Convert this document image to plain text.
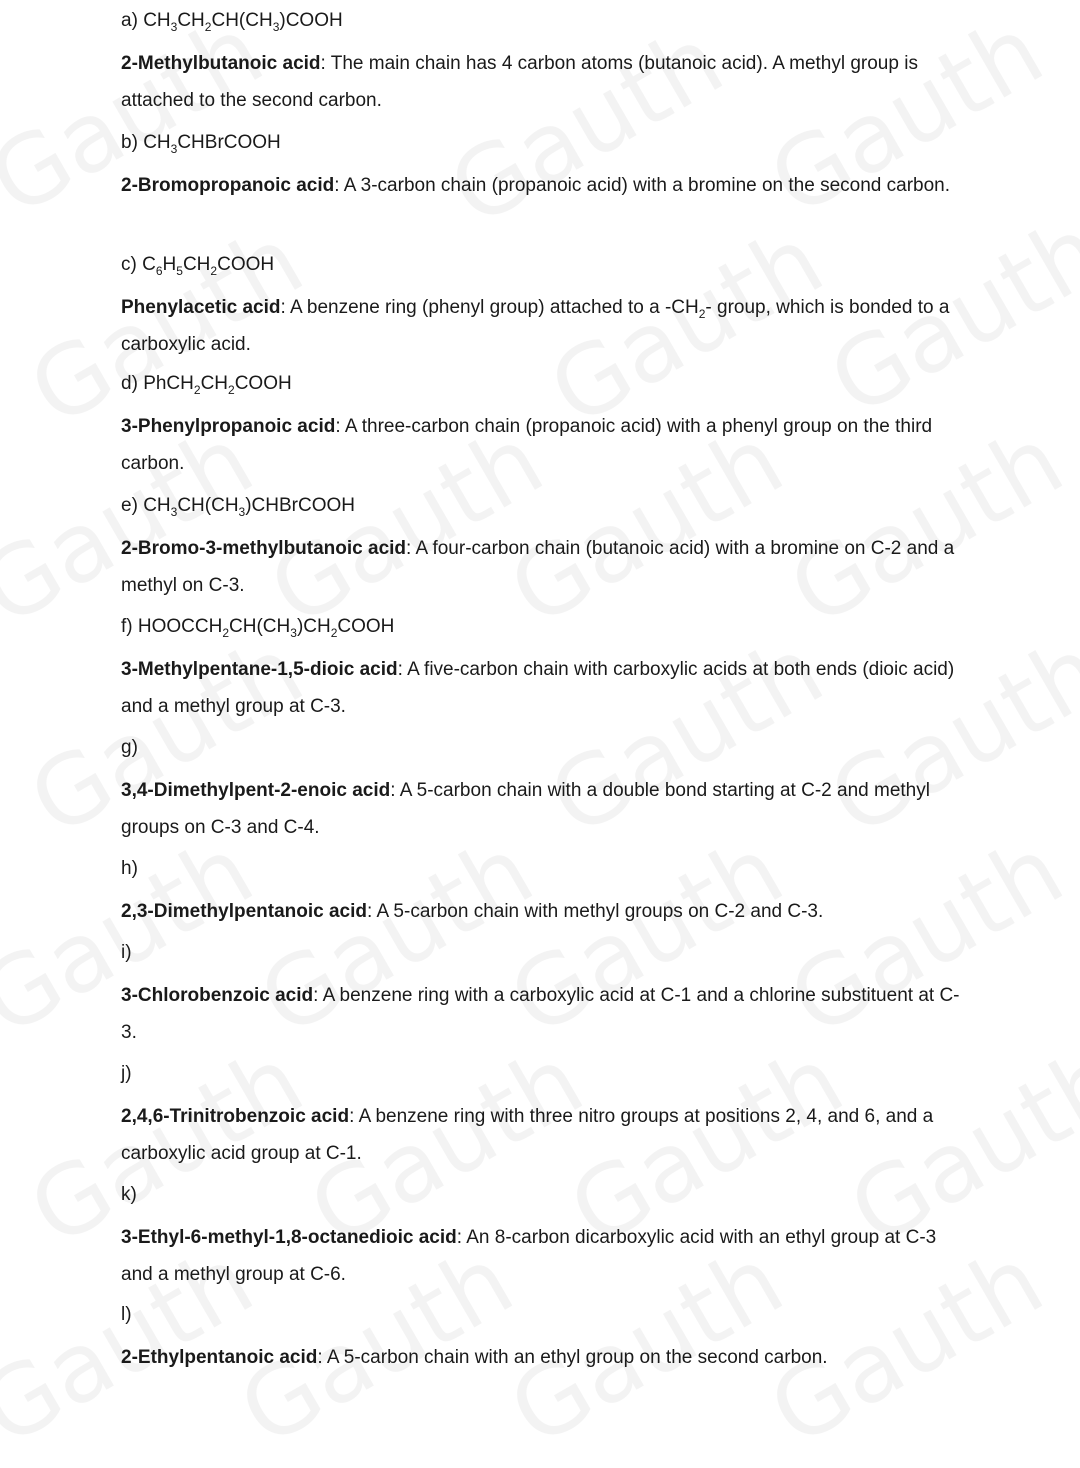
a) $CH_3CH_2CH(CH_3)COOH$
2-Methylbutanoic acid: The main chain has 4 carbon atoms (butanoic acid). A methyl group is attached to the second carbon.
b) $CH_3CHBrCOOH$
2-Bromopropanoic acid: A 3-carbon chain (propanoic acid) with a bromine on the second carbon.
c) $C_6H_5CH_2COOH$
Phenylacetic acid: A benzene ring (phenyl group) attached to a $-CH_2-$ group, which is bonded to a carboxylic acid.
d) $PhCH_2CH_2COOH$
3-Phenylpropanoic acid: A three-carbon chain (propanoic acid) with a phenyl group on the third carbon.
e) $CH_3CH(CH_3)CHBrCOOH$
2-Bromo-3-methylbutanoic acid: A four-carbon chain (butanoic acid) with a bromine on C-2 and a methyl on C-3.
f) $HOOCCH_2CH(CH_3)CH_2COOH$
3-Methylpentane-1,5-dioic acid: A five-carbon chain with carboxylic acids at both ends (dioic acid) and a methyl group at C-3.
g)
3,4-Dimethylpent-2-enoic acid: A 5-carbon chain with a double bond starting at C-2 and methyl groups on C-3 and C-4.
h)
2,3-Dimethylpentanoic acid: A 5-carbon chain with methyl groups on C-2 and C-3.
i)
3-Chlorobenzoic acid: A benzene ring with a carboxylic acid at C-1 and a chlorine substituent at C-3.
j)
2,4,6-Trinitrobenzoic acid: A benzene ring with three nitro groups at positions 2, 4, and 6, and a carboxylic acid group at C-1.
k)
3-Ethyl-6-methyl-1,8-octanedioic acid: An 8-carbon dicarboxylic acid with an ethyl group at C-3 and a methyl group at C-6.
l)
2-Ethylpentanoic acid: A 5-carbon chain with an ethyl group on the second carbon.
